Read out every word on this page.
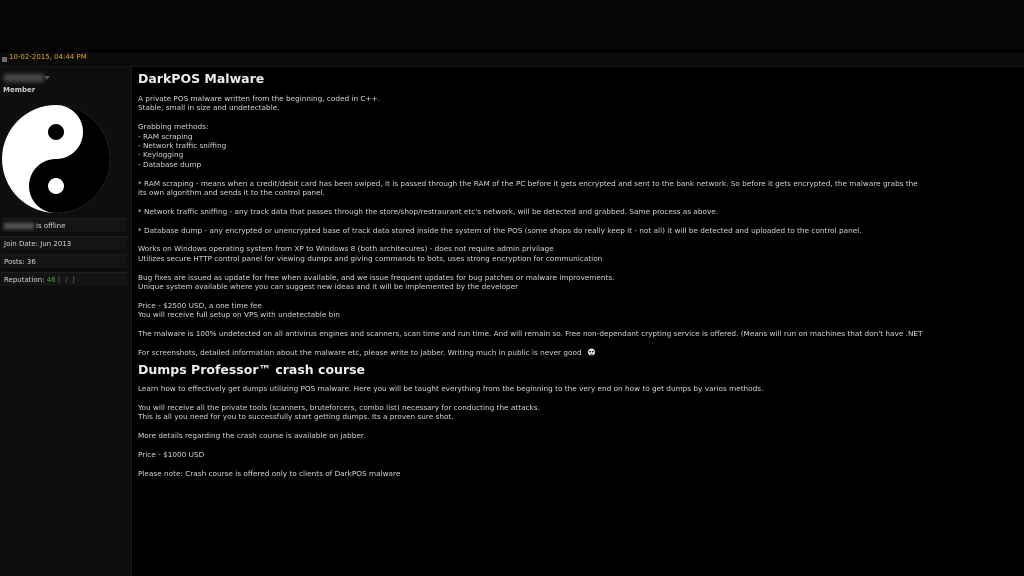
10-02-2015, 04:44 PM
Member
is offline
Join Date: Jun 2013
Posts: 36
Reputation: 46 [ / ]
DarkPOS Malware
A private POS malware written from the beginning, coded in C++.
Stable, small in size and undetectable.
Grabbing methods:
- RAM scraping
- Network traffic sniffing
- Keylogging
- Database dump
* RAM scraping - means when a credit/debit card has been swiped, it is passed through the RAM of the PC before it gets encrypted and sent to the bank network. So before it gets encrypted, the malware grabs the
its own algorithm and sends it to the control panel.
* Network traffic sniffing - any track data that passes through the store/shop/restraurant etc's network, will be detected and grabbed. Same process as above.
* Database dump - any encrypted or unencrypted base of track data stored inside the system of the POS (some shops do really keep it - not all) it will be detected and uploaded to the control panel.
Works on Windows operating system from XP to Windows 8 (both architecures) - does not require admin privilage
Utilizes secure HTTP control panel for viewing dumps and giving commands to bots, uses strong encryption for communication
Bug fixes are issued as update for free when available, and we issue frequent updates for bug patches or malware improvements.
Unique system available where you can suggest new ideas and it will be implemented by the developer
Price - $2500 USD, a one time fee
You will receive full setup on VPS with undetectable bin
The malware is 100% undetected on all antivirus engines and scanners, scan time and run time. And will remain so. Free non-dependant crypting service is offered. (Means will run on machines that don't have .NET
For screenshots, detailed information about the malware etc, please write to jabber. Writing much in public is never good
Dumps Professor™ crash course
Learn how to effectively get dumps utilizing POS malware. Here you will be taught everything from the beginning to the very end on how to get dumps by varios methods.
You will receive all the private tools (scanners, bruteforcers, combo list) necessary for conducting the attacks.
This is all you need for you to successfully start getting dumps. Its a proven sure shot.
More details regarding the crash course is available on jabber.
Price - $1000 USD
Please note: Crash course is offered only to clients of DarkPOS malware
